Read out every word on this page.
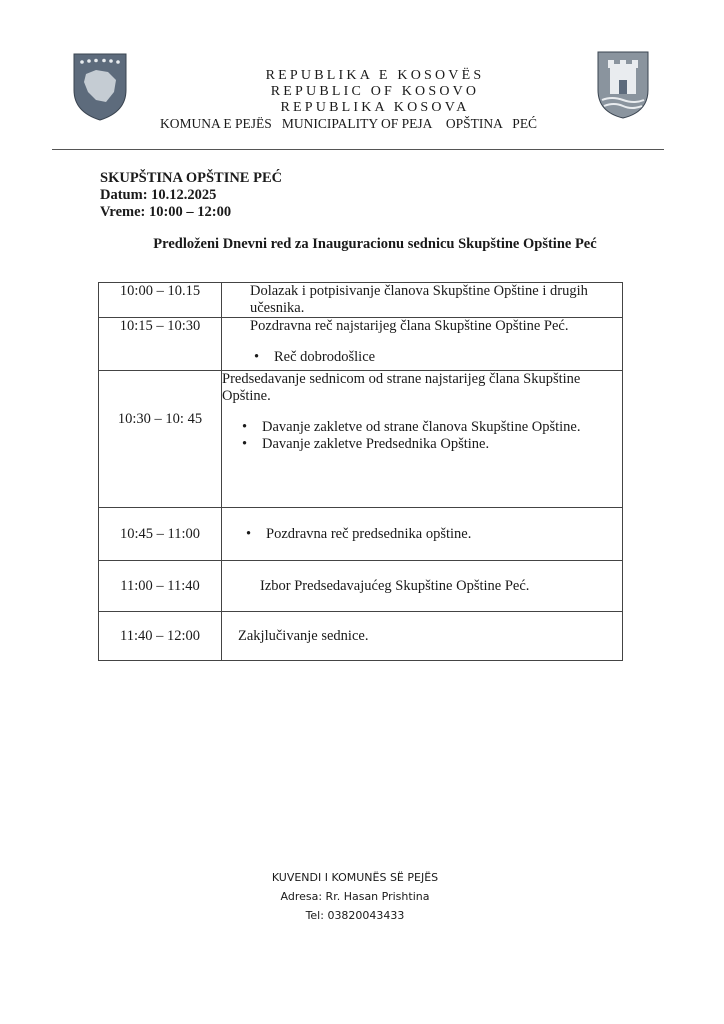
REPUBLIKA E KOSOVËS
REPUBLIC OF KOSOVO
REPUBLIKA KOSOVA
KOMUNA E PEJËS MUNICIPALITY OF PEJA OPŠTINA   PEĆ
SKUPŠTINA OPŠTINE PEĆ
Datum: 10.12.2025
Vreme: 10:00 – 12:00
Predloženi Dnevni red za Inauguracionu sednicu Skupštine Opštine Peć
10:00 – 10.15	Dolazak i potpisivanje članova Skupštine Opštine i drugih učesnika.
10:15 – 10:30	Pozdravna reč najstarijeg člana Skupštine Opštine Peć.
• Reč dobrodošlice

10:30 – 10: 45	Predsedavanje sednicom od strane najstarijeg člana Skupštine Opštine.
• Davanje zakletve od strane članova Skupštine Opštine.
• Davanje zakletve Predsednika Opštine.

10:45 – 11:00	• Pozdravna reč predsednika opštine.

11:00 – 11:40	Izbor Predsedavajućeg Skupštine Opštine Peć.
11:40 – 12:00	Zakjlučivanje sednice.
KUVENDI I KOMUNËS SË PEJËS
Adresa: Rr. Hasan Prishtina
Tel: 03820043433
